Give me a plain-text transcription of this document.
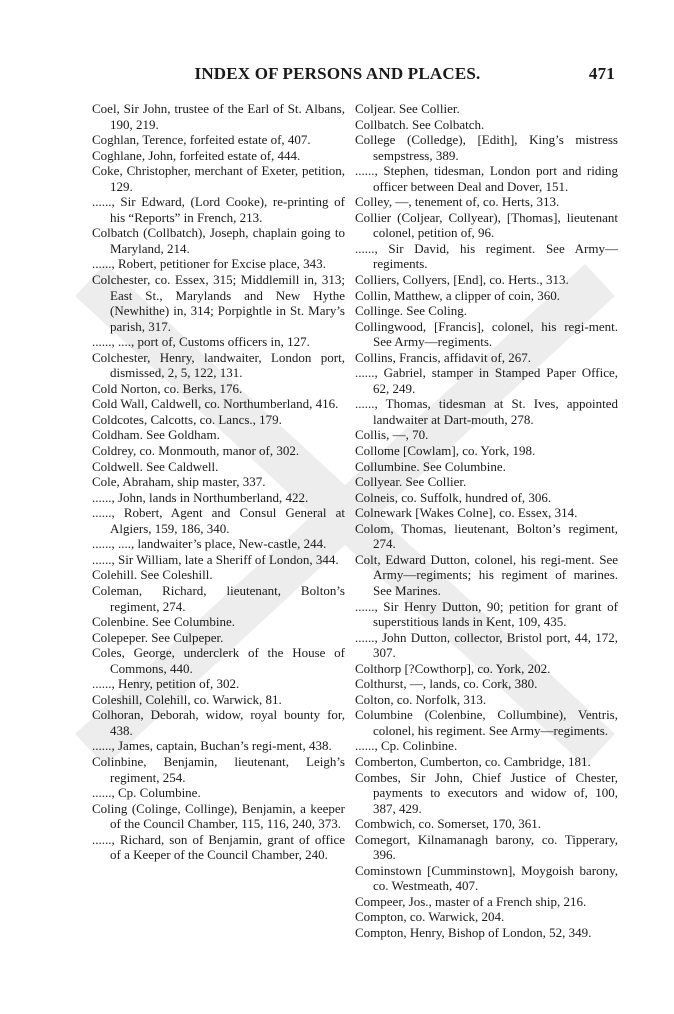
INDEX OF PERSONS AND PLACES.	471

Coel, Sir John, trustee of the Earl of St. Albans, 190, 219.

Coghlan, Terence, forfeited estate of, 407.

Coghlane, John, forfeited estate of, 444.

Coke, Christopher, merchant of Exeter, petition, 129.

......, Sir Edward, (Lord Cooke), re-printing of his “Reports” in French, 213.

Colbatch (Collbatch), Joseph, chaplain going to Maryland, 214.

......, Robert, petitioner for Excise place, 343.

Colchester, co. Essex, 315; Middlemill in, 313; East St., Marylands and New Hythe (Newhithe) in, 314; Porpightle in St. Mary’s parish, 317.

......, ...., port of, Customs officers in, 127.

Colchester, Henry, landwaiter, London port, dismissed, 2, 5, 122, 131.

Cold Norton, co. Berks, 176.

Cold Wall, Caldwell, co. Northumberland, 416.

Coldcotes, Calcotts, co. Lancs., 179.

Coldham. See Goldham.

Coldrey, co. Monmouth, manor of, 302.

Coldwell. See Caldwell.

Cole, Abraham, ship master, 337.

......, John, lands in Northumberland, 422.

......, Robert, Agent and Consul General at Algiers, 159, 186, 340.

......, ...., landwaiter’s place, New-castle, 244.

......, Sir William, late a Sheriff of London, 344.

Colehill. See Coleshill.

Coleman, Richard, lieutenant, Bolton’s regiment, 274.

Colenbine. See Columbine.

Colepeper. See Culpeper.

Coles, George, underclerk of the House of Commons, 440.

......, Henry, petition of, 302.

Coleshill, Colehill, co. Warwick, 81.

Colhoran, Deborah, widow, royal bounty for, 438.

......, James, captain, Buchan’s regi-ment, 438.

Colinbine, Benjamin, lieutenant, Leigh’s regiment, 254.

......, Cp. Columbine.

Coling (Colinge, Collinge), Benjamin, a keeper of the Council Chamber, 115, 116, 240, 373.

......, Richard, son of Benjamin, grant of office of a Keeper of the Council Chamber, 240.

Coljear. See Collier.

Collbatch. See Colbatch.

College (Colledge), [Edith], King’s mistress sempstress, 389.

......, Stephen, tidesman, London port and riding officer between Deal and Dover, 151.

Colley, —, tenement of, co. Herts, 313.

Collier (Coljear, Collyear), [Thomas], lieutenant colonel, petition of, 96.

......, Sir David, his regiment. See Army—regiments.

Colliers, Collyers, [End], co. Herts., 313.

Collin, Matthew, a clipper of coin, 360.

Collinge. See Coling.

Collingwood, [Francis], colonel, his regi-ment. See Army—regiments.

Collins, Francis, affidavit of, 267.

......, Gabriel, stamper in Stamped Paper Office, 62, 249.

......, Thomas, tidesman at St. Ives, appointed landwaiter at Dart-mouth, 278.

Collis, —, 70.

Collome [Cowlam], co. York, 198.

Collumbine. See Columbine.

Collyear. See Collier.

Colneis, co. Suffolk, hundred of, 306.

Colnewark [Wakes Colne], co. Essex, 314.

Colom, Thomas, lieutenant, Bolton’s regiment, 274.

Colt, Edward Dutton, colonel, his regi-ment. See Army—regiments; his regiment of marines. See Marines.

......, Sir Henry Dutton, 90; petition for grant of superstitious lands in Kent, 109, 435.

......, John Dutton, collector, Bristol port, 44, 172, 307.

Colthorp [?Cowthorp], co. York, 202.

Colthurst, —, lands, co. Cork, 380.

Colton, co. Norfolk, 313.

Columbine (Colenbine, Collumbine), Ventris, colonel, his regiment. See Army—regiments.

......, Cp. Colinbine.

Comberton, Cumberton, co. Cambridge, 181.

Combes, Sir John, Chief Justice of Chester, payments to executors and widow of, 100, 387, 429.

Combwich, co. Somerset, 170, 361.

Comegort, Kilnamanagh barony, co. Tipperary, 396.

Cominstown [Cumminstown], Moygoish barony, co. Westmeath, 407.

Compeer, Jos., master of a French ship, 216.

Compton, co. Warwick, 204.

Compton, Henry, Bishop of London, 52, 349.
